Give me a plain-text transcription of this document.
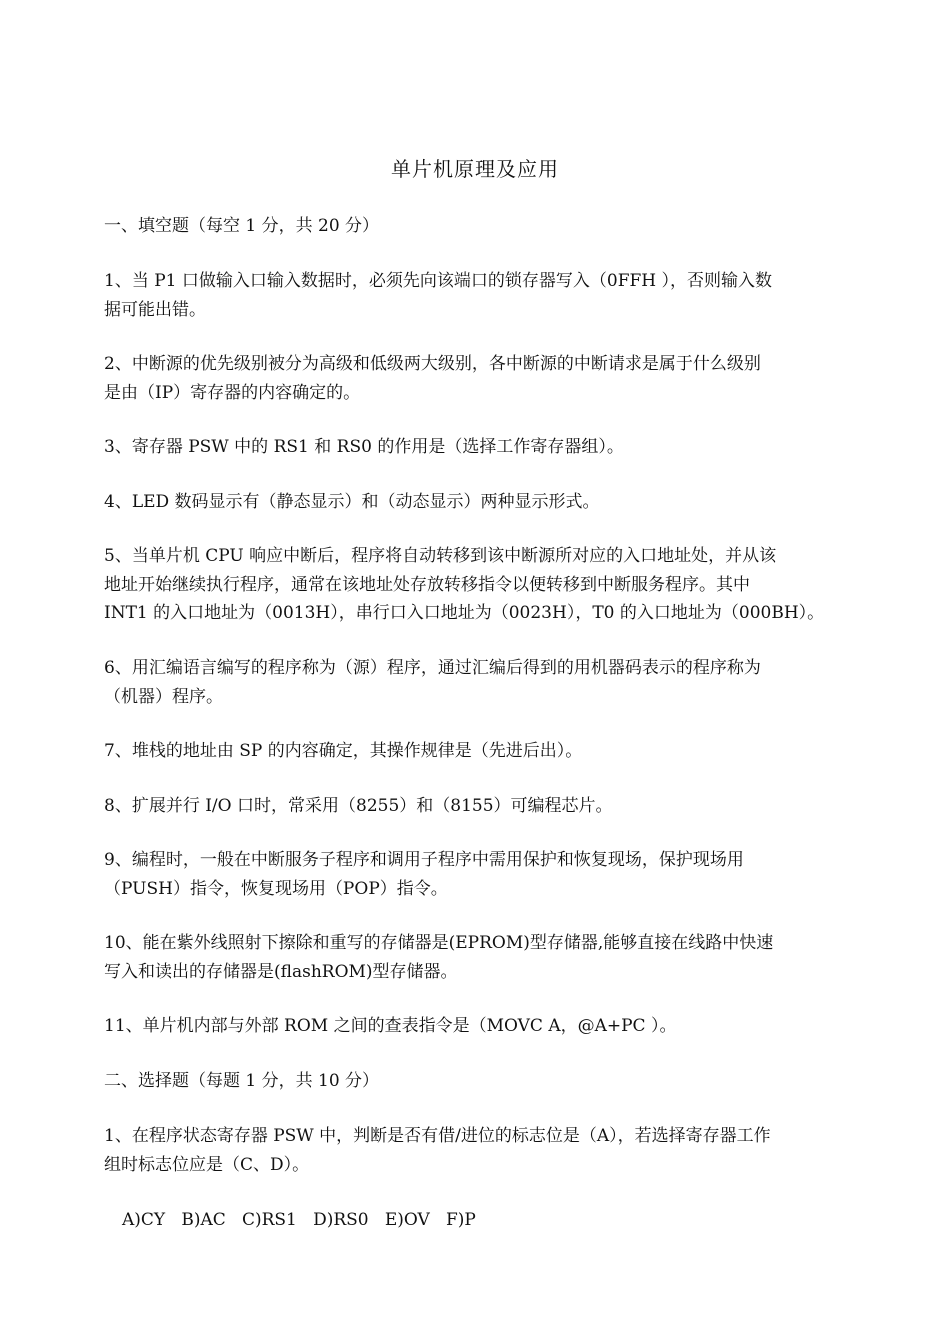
单片机原理及应用

一、填空题（每空 1 分，共 20 分）

1、当 P1 口做输入口输入数据时，必须先向该端口的锁存器写入（0FFH ），否则输入数
据可能出错。

2、中断源的优先级别被分为高级和低级两大级别，各中断源的中断请求是属于什么级别
是由（IP）寄存器的内容确定的。

3、寄存器 PSW 中的 RS1 和 RS0 的作用是（选择工作寄存器组）。

4、LED 数码显示有（静态显示）和（动态显示）两种显示形式。

5、当单片机 CPU 响应中断后，程序将自动转移到该中断源所对应的入口地址处，并从该
地址开始继续执行程序，通常在该地址处存放转移指令以便转移到中断服务程序。其中
INT1 的入口地址为（0013H），串行口入口地址为（0023H），T0 的入口地址为（000BH）。

6、用汇编语言编写的程序称为（源）程序，通过汇编后得到的用机器码表示的程序称为
（机器）程序。

7、堆栈的地址由 SP 的内容确定，其操作规律是（先进后出）。

8、扩展并行 I/O 口时，常采用（8255）和（8155）可编程芯片。

9、编程时，一般在中断服务子程序和调用子程序中需用保护和恢复现场，保护现场用
（PUSH）指令，恢复现场用（POP）指令。

10、能在紫外线照射下擦除和重写的存储器是(EPROM)型存储器,能够直接在线路中快速
写入和读出的存储器是(flashROM)型存储器。

11、单片机内部与外部 ROM 之间的查表指令是（MOVC A，@A+PC ）。

二、选择题（每题 1 分，共 10 分）

1、在程序状态寄存器 PSW 中，判断是否有借/进位的标志位是（A），若选择寄存器工作
组时标志位应是（C、D）。

A)CY   B)AC   C)RS1   D)RS0   E)OV   F)P
